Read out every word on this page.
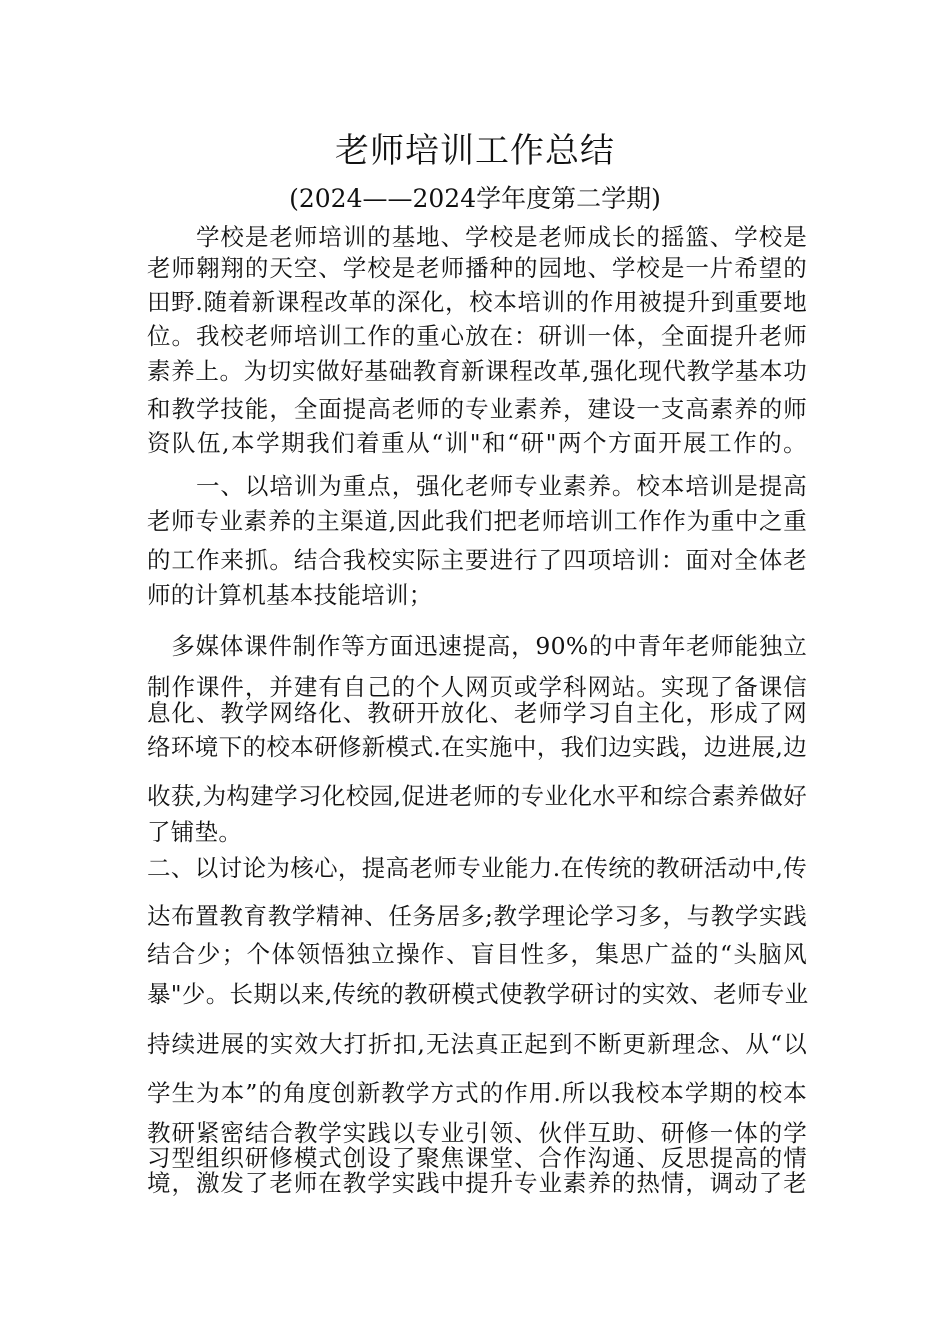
老师培训工作总结
(2024——2024学年度第二学期)
　　学校是老师培训的基地、学校是老师成长的摇篮、学校是
老师翱翔的天空、学校是老师播种的园地、学校是一片希望的
田野.随着新课程改革的深化，校本培训的作用被提升到重要地
位。我校老师培训工作的重心放在：研训一体，全面提升老师
素养上。为切实做好基础教育新课程改革,强化现代教学基本功
和教学技能，全面提高老师的专业素养，建设一支高素养的师
资队伍,本学期我们着重从“训"和“研"两个方面开展工作的。
　　一、以培训为重点，强化老师专业素养。校本培训是提高
老师专业素养的主渠道,因此我们把老师培训工作作为重中之重
的工作来抓。结合我校实际主要进行了四项培训：面对全体老
师的计算机基本技能培训；
　多媒体课件制作等方面迅速提高，90%的中青年老师能独立
制作课件，并建有自己的个人网页或学科网站。实现了备课信
息化、教学网络化、教研开放化、老师学习自主化，形成了网
络环境下的校本研修新模式.在实施中，我们边实践，边进展,边
收获,为构建学习化校园,促进老师的专业化水平和综合素养做好
了铺垫。
二、以讨论为核心，提高老师专业能力.在传统的教研活动中,传
达布置教育教学精神、任务居多;教学理论学习多，与教学实践
结合少；个体领悟独立操作、盲目性多，集思广益的“头脑风
暴"少。长期以来,传统的教研模式使教学研讨的实效、老师专业
持续进展的实效大打折扣,无法真正起到不断更新理念、从“以
学生为本”的角度创新教学方式的作用.所以我校本学期的校本
教研紧密结合教学实践以专业引领、伙伴互助、研修一体的学
习型组织研修模式创设了聚焦课堂、合作沟通、反思提高的情
境，激发了老师在教学实践中提升专业素养的热情，调动了老
